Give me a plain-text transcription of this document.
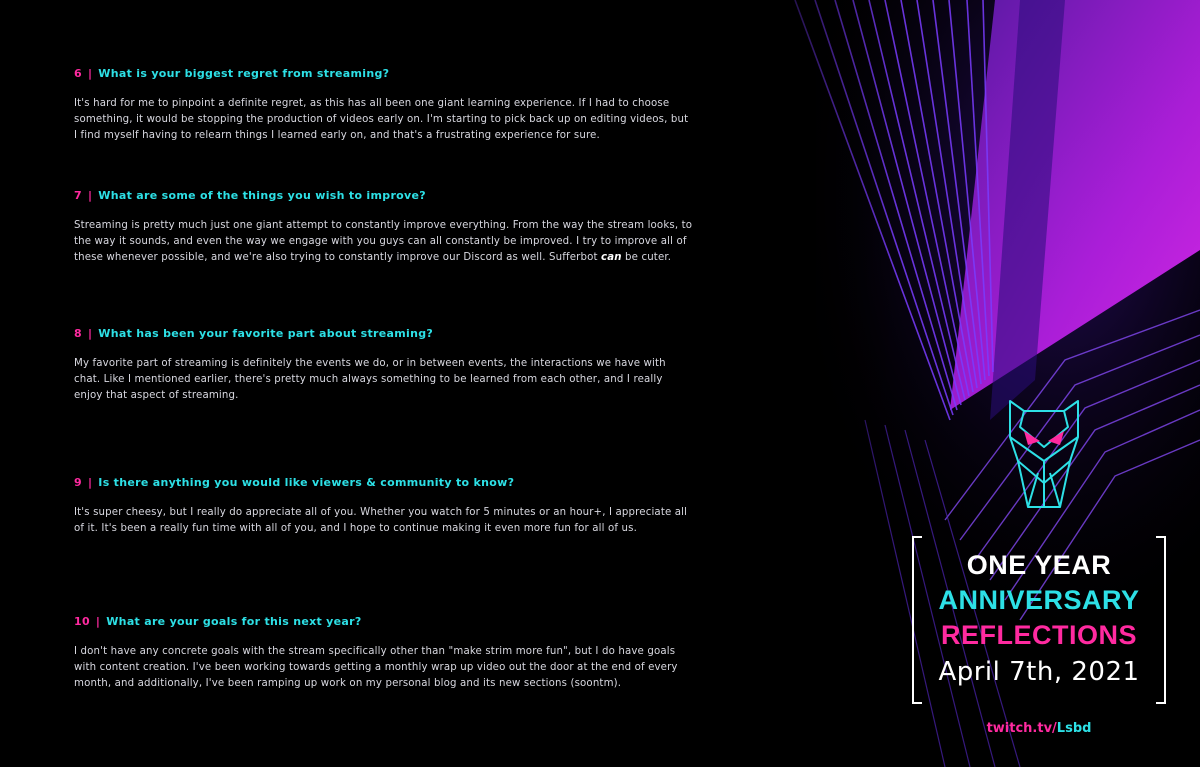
6 | What is your biggest regret from streaming?

It's hard for me to pinpoint a definite regret, as this has all been one giant learning experience. If I had to choose something, it would be stopping the production of videos early on. I'm starting to pick back up on editing videos, but I find myself having to relearn things I learned early on, and that's a frustrating experience for sure.

7 | What are some of the things you wish to improve?

Streaming is pretty much just one giant attempt to constantly improve everything. From the way the stream looks, to the way it sounds, and even the way we engage with you guys can all constantly be improved. I try to improve all of these whenever possible, and we're also trying to constantly improve our Discord as well. Sufferbot can be cuter.

8 | What has been your favorite part about streaming?

My favorite part of streaming is definitely the events we do, or in between events, the interactions we have with chat. Like I mentioned earlier, there's pretty much always something to be learned from each other, and I really enjoy that aspect of streaming.

9 | Is there anything you would like viewers & community to know?

It's super cheesy, but I really do appreciate all of you. Whether you watch for 5 minutes or an hour+, I appreciate all of it. It's been a really fun time with all of you, and I hope to continue making it even more fun for all of us.

10 | What are your goals for this next year?

I don't have any concrete goals with the stream specifically other than "make strim more fun", but I do have goals with content creation. I've been working towards getting a monthly wrap up video out the door at the end of every month, and additionally, I've been ramping up work on my personal blog and its new sections (soontm).

ONE YEAR
ANNIVERSARY
REFLECTIONS
April 7th, 2021
twitch.tv/Lsbd
